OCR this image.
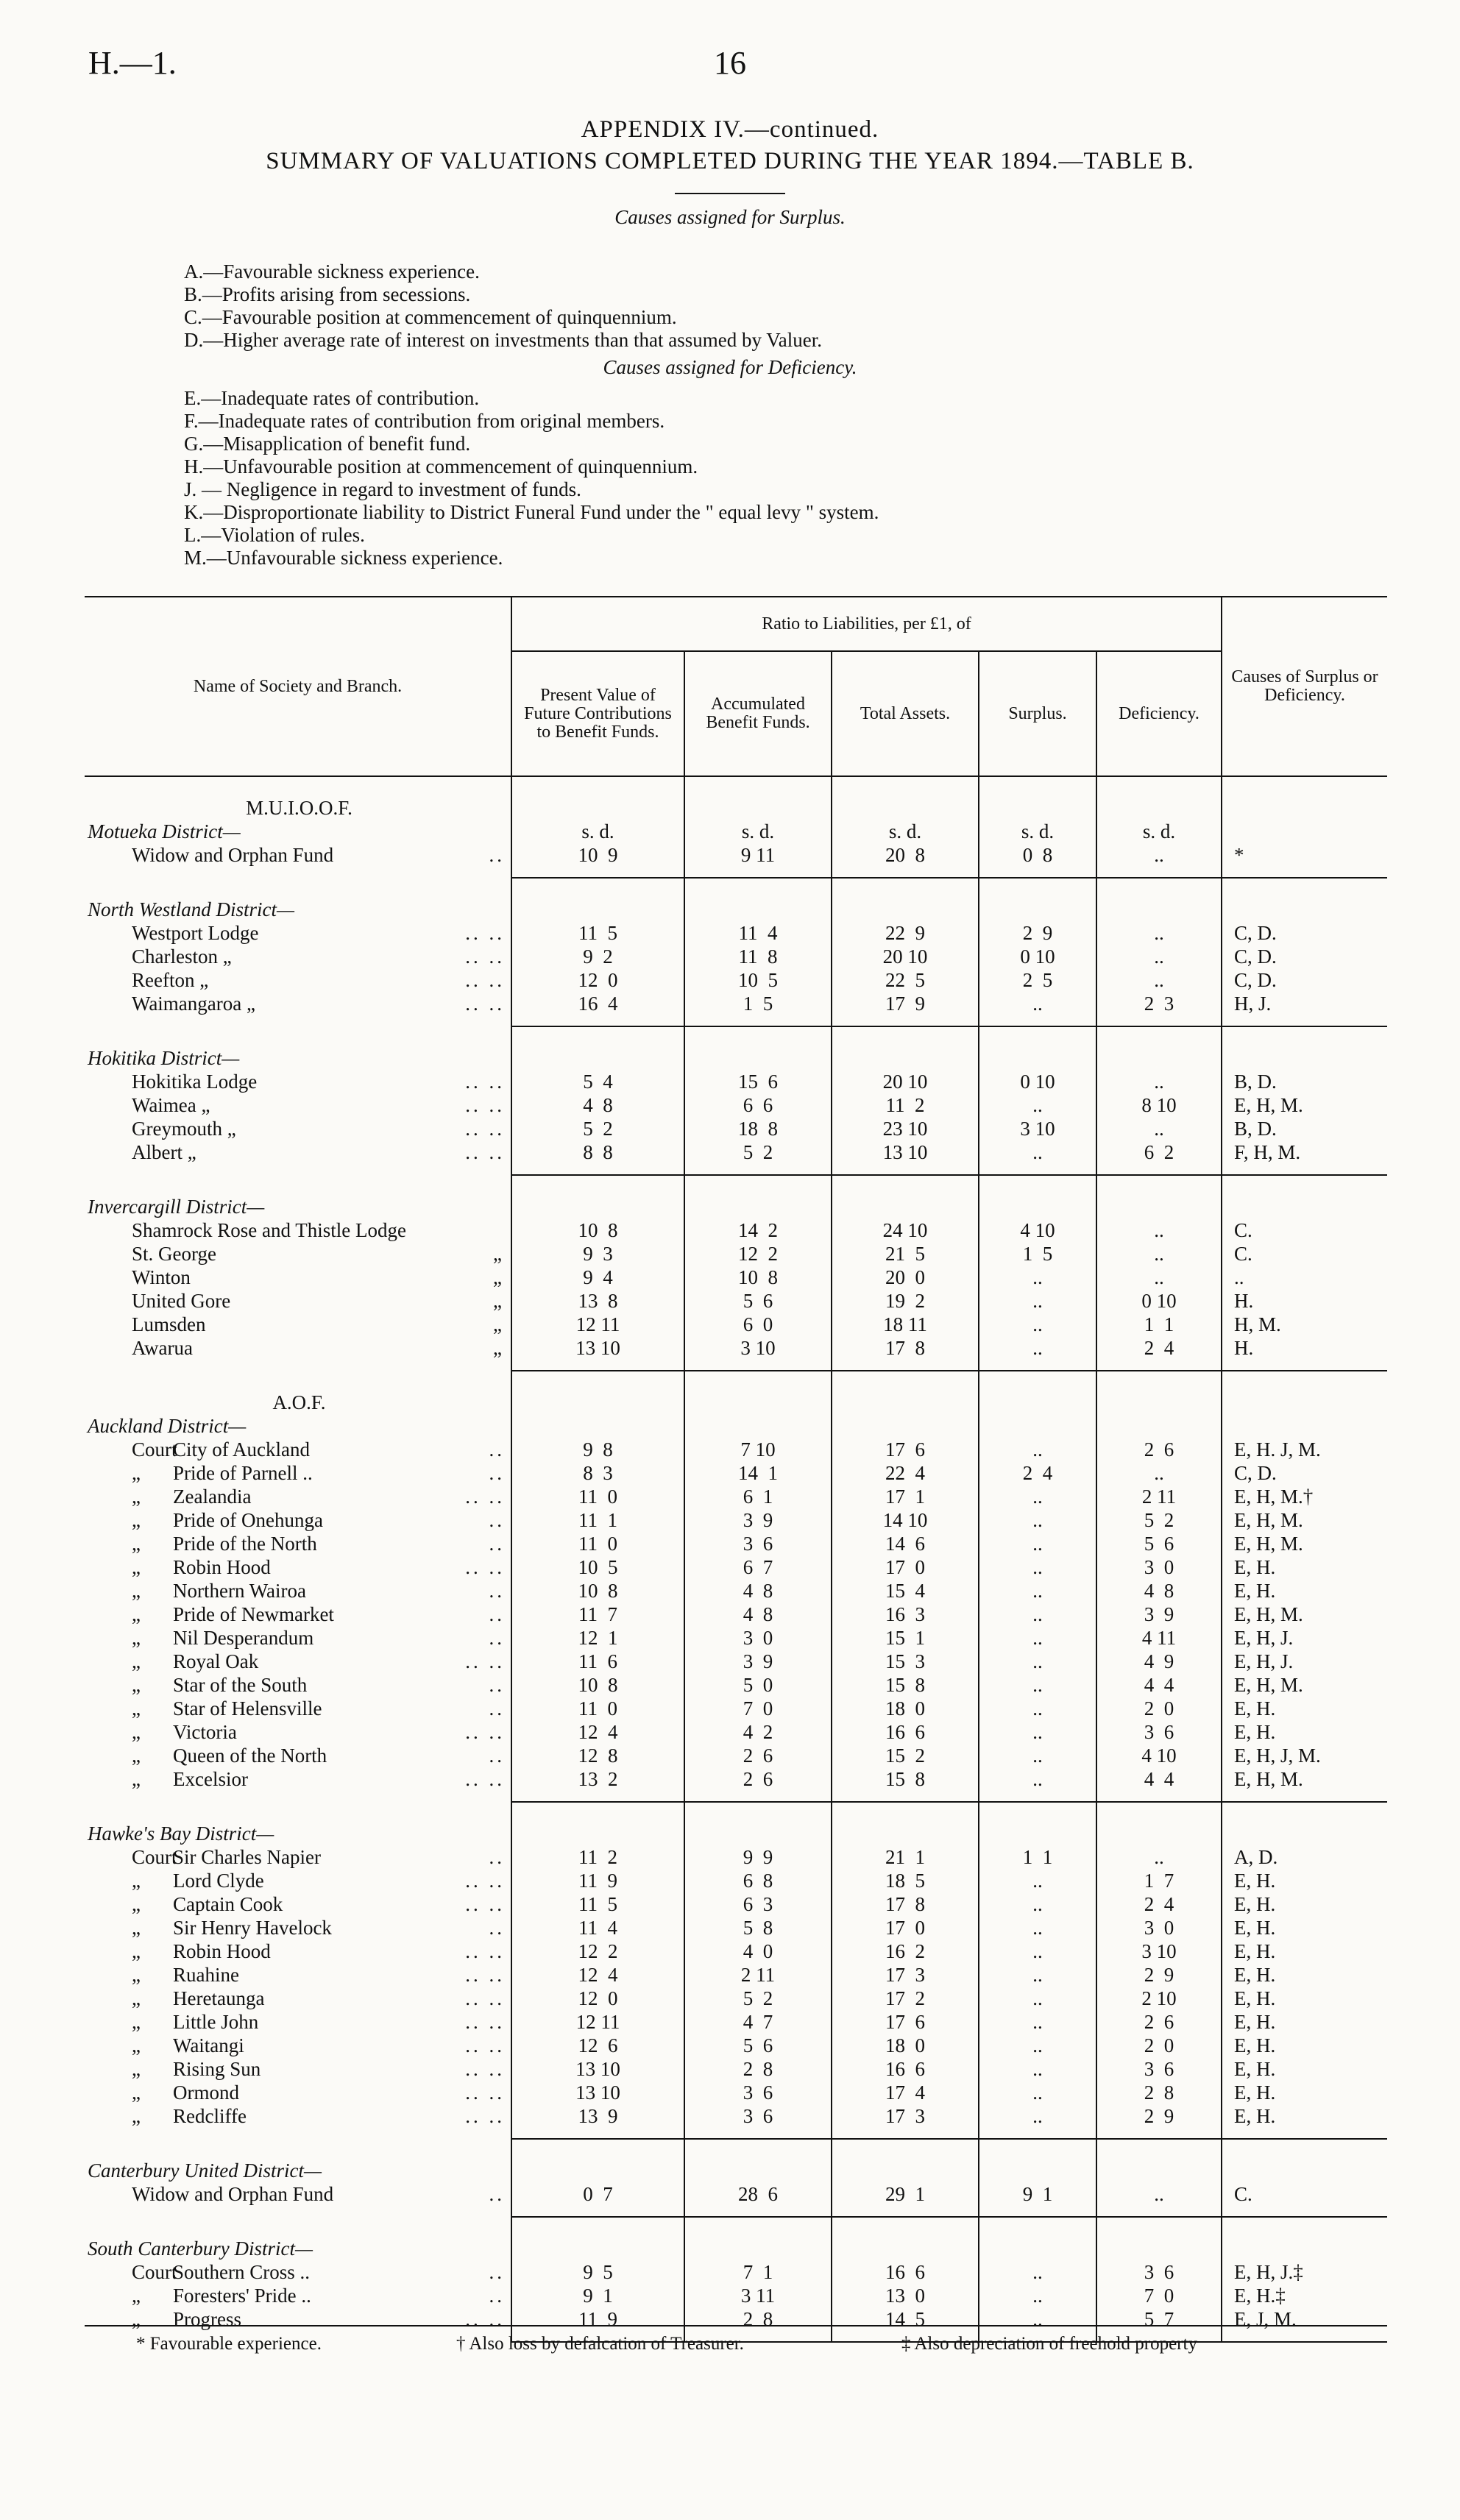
H.—1.	16
APPENDIX IV.—continued.
SUMMARY OF VALUATIONS COMPLETED DURING THE YEAR 1894.—TABLE B.
Causes assigned for Surplus.
A.—Favourable sickness experience.
B.—Profits arising from secessions.
C.—Favourable position at commencement of quinquennium.
D.—Higher average rate of interest on investments than that assumed by Valuer.
Causes assigned for Deficiency.
E.—Inadequate rates of contribution.
F.—Inadequate rates of contribution from original members.
G.—Misapplication of benefit fund.
H.—Unfavourable position at commencement of quinquennium.
J. — Negligence in regard to investment of funds.
K.—Disproportionate liability to District Funeral Fund under the " equal levy " system.
L.—Violation of rules.
M.—Unfavourable sickness experience.
Name of Society and Branch.	Ratio to Liabilities, per £1, of					Causes of Surplus or Deficiency.
	Present Value of Future Contributions to Benefit Funds.	Accumulated Benefit Funds.	Total Assets.	Surplus.	Deficiency.	

M.U.I.O.O.F.						

Motueka District—	s. d.	s. d.	s. d.	s. d.	s. d.	
Widow and Orphan Fund ..	10  9	9 11	20  8	0  8	..	*

North Westland District—						
Westport Lodge .. ..	11  5	11  4	22  9	2  9	..	C, D.
Charleston „ .. ..	9  2	11  8	20 10	0 10	..	C, D.
Reefton „ .. ..	12  0	10  5	22  5	2  5	..	C, D.
Waimangaroa „ .. ..	16  4	1  5	17  9	..	2  3	H, J.

Hokitika District—						
Hokitika Lodge .. ..	5  4	15  6	20 10	0 10	..	B, D.
Waimea „ .. ..	4  8	6  6	11  2	..	8 10	E, H, M.
Greymouth „ .. ..	5  2	18  8	23 10	3 10	..	B, D.
Albert „ .. ..	8  8	5  2	13 10	..	6  2	F, H, M.

Invercargill District—						
Shamrock Rose and Thistle Lodge	10  8	14  2	24 10	4 10	..	C.
St. George „	9  3	12  2	21  5	1  5	..	C.
Winton „	9  4	10  8	20  0	..	..	..
United Gore „	13  8	5  6	19  2	..	0 10	H.
Lumsden „	12 11	6  0	18 11	..	1  1	H, M.
Awarua „	13 10	3 10	17  8	..	2  4	H.

A.O.F.						

Auckland District—						
CourtCity of Auckland ..	9  8	7 10	17  6	..	2  6	E, H. J, M.
„ Pride of Parnell .. ..	8  3	14  1	22  4	2  4	..	C, D.
„ Zealandia .. ..	11  0	6  1	17  1	..	2 11	E, H, M.†
„ Pride of Onehunga ..	11  1	3  9	14 10	..	5  2	E, H, M.
„ Pride of the North ..	11  0	3  6	14  6	..	5  6	E, H, M.
„ Robin Hood .. ..	10  5	6  7	17  0	..	3  0	E, H.
„ Northern Wairoa ..	10  8	4  8	15  4	..	4  8	E, H.
„ Pride of Newmarket ..	11  7	4  8	16  3	..	3  9	E, H, M.
„ Nil Desperandum ..	12  1	3  0	15  1	..	4 11	E, H, J.
„ Royal Oak .. ..	11  6	3  9	15  3	..	4  9	E, H, J.
„ Star of the South ..	10  8	5  0	15  8	..	4  4	E, H, M.
„ Star of Helensville ..	11  0	7  0	18  0	..	2  0	E, H.
„ Victoria .. ..	12  4	4  2	16  6	..	3  6	E, H.
„ Queen of the North ..	12  8	2  6	15  2	..	4 10	E, H, J, M.
„ Excelsior .. ..	13  2	2  6	15  8	..	4  4	E, H, M.

Hawke's Bay District—						
CourtSir Charles Napier ..	11  2	9  9	21  1	1  1	..	A, D.
„ Lord Clyde .. ..	11  9	6  8	18  5	..	1  7	E, H.
„ Captain Cook .. ..	11  5	6  3	17  8	..	2  4	E, H.
„ Sir Henry Havelock ..	11  4	5  8	17  0	..	3  0	E, H.
„ Robin Hood .. ..	12  2	4  0	16  2	..	3 10	E, H.
„ Ruahine .. ..	12  4	2 11	17  3	..	2  9	E, H.
„ Heretaunga .. ..	12  0	5  2	17  2	..	2 10	E, H.
„ Little John .. ..	12 11	4  7	17  6	..	2  6	E, H.
„ Waitangi .. ..	12  6	5  6	18  0	..	2  0	E, H.
„ Rising Sun .. ..	13 10	2  8	16  6	..	3  6	E, H.
„ Ormond .. ..	13 10	3  6	17  4	..	2  8	E, H.
„ Redcliffe .. ..	13  9	3  6	17  3	..	2  9	E, H.

Canterbury United District—						
Widow and Orphan Fund ..	0  7	28  6	29  1	9  1	..	C.

South Canterbury District—						
CourtSouthern Cross .. ..	9  5	7  1	16  6	..	3  6	E, H, J.‡
„ Foresters' Pride .. ..	9  1	3 11	13  0	..	7  0	E, H.‡
„ Progress .. ..	11  9	2  8	14  5	..	5  7	E, J, M.

* Favourable experience.	† Also loss by defalcation of Treasurer.	‡ Also depreciation of freehold property
